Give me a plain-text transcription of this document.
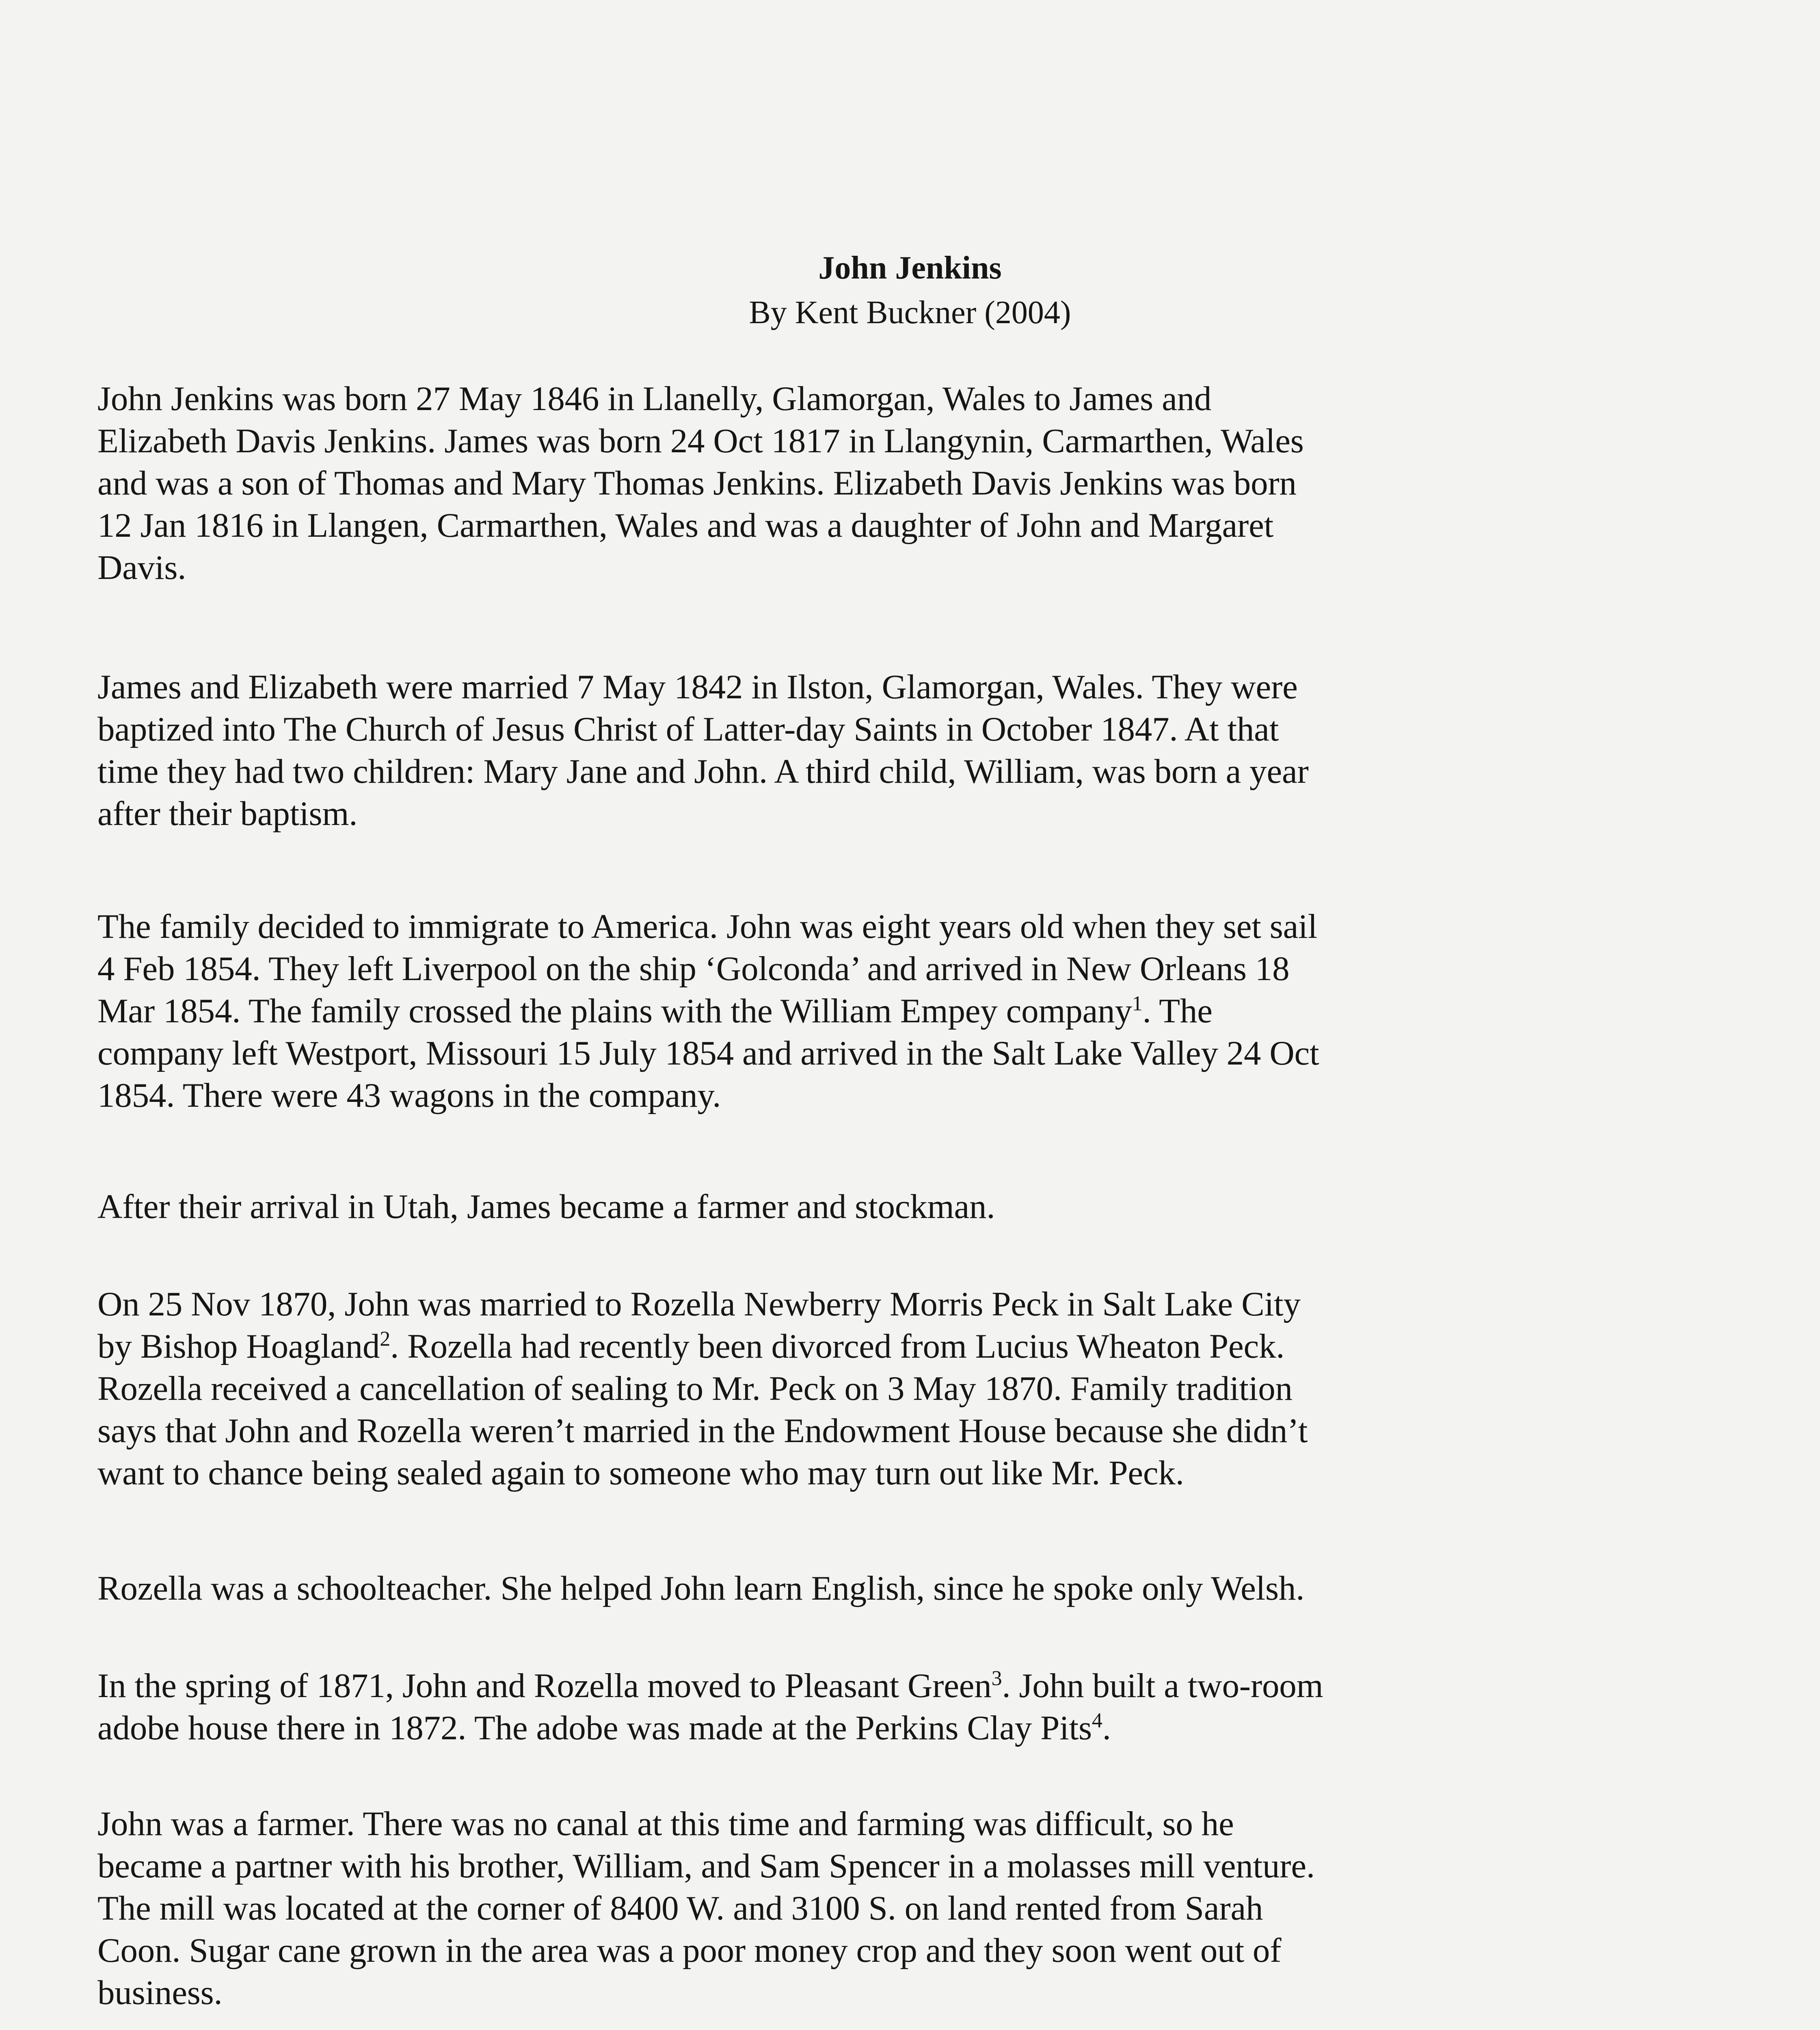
John Jenkins
By Kent Buckner (2004)

John Jenkins was born 27 May 1846 in Llanelly, Glamorgan, Wales to James and
Elizabeth Davis Jenkins. James was born 24 Oct 1817 in Llangynin, Carmarthen, Wales
and was a son of Thomas and Mary Thomas Jenkins. Elizabeth Davis Jenkins was born
12 Jan 1816 in Llangen, Carmarthen, Wales and was a daughter of John and Margaret
Davis.

James and Elizabeth were married 7 May 1842 in Ilston, Glamorgan, Wales. They were
baptized into The Church of Jesus Christ of Latter-day Saints in October 1847. At that
time they had two children: Mary Jane and John. A third child, William, was born a year
after their baptism.

The family decided to immigrate to America. John was eight years old when they set sail
4 Feb 1854. They left Liverpool on the ship ‘Golconda’ and arrived in New Orleans 18
Mar 1854. The family crossed the plains with the William Empey company$^1$. The
company left Westport, Missouri 15 July 1854 and arrived in the Salt Lake Valley 24 Oct
1854. There were 43 wagons in the company.

After their arrival in Utah, James became a farmer and stockman.

On 25 Nov 1870, John was married to Rozella Newberry Morris Peck in Salt Lake City
by Bishop Hoagland$^2$. Rozella had recently been divorced from Lucius Wheaton Peck.
Rozella received a cancellation of sealing to Mr. Peck on 3 May 1870. Family tradition
says that John and Rozella weren’t married in the Endowment House because she didn’t
want to chance being sealed again to someone who may turn out like Mr. Peck.

Rozella was a schoolteacher. She helped John learn English, since he spoke only Welsh.

In the spring of 1871, John and Rozella moved to Pleasant Green$^3$. John built a two-room
adobe house there in 1872. The adobe was made at the Perkins Clay Pits$^4$.

John was a farmer. There was no canal at this time and farming was difficult, so he
became a partner with his brother, William, and Sam Spencer in a molasses mill venture.
The mill was located at the corner of 8400 W. and 3100 S. on land rented from Sarah
Coon. Sugar cane grown in the area was a poor money crop and they soon went out of
business.
